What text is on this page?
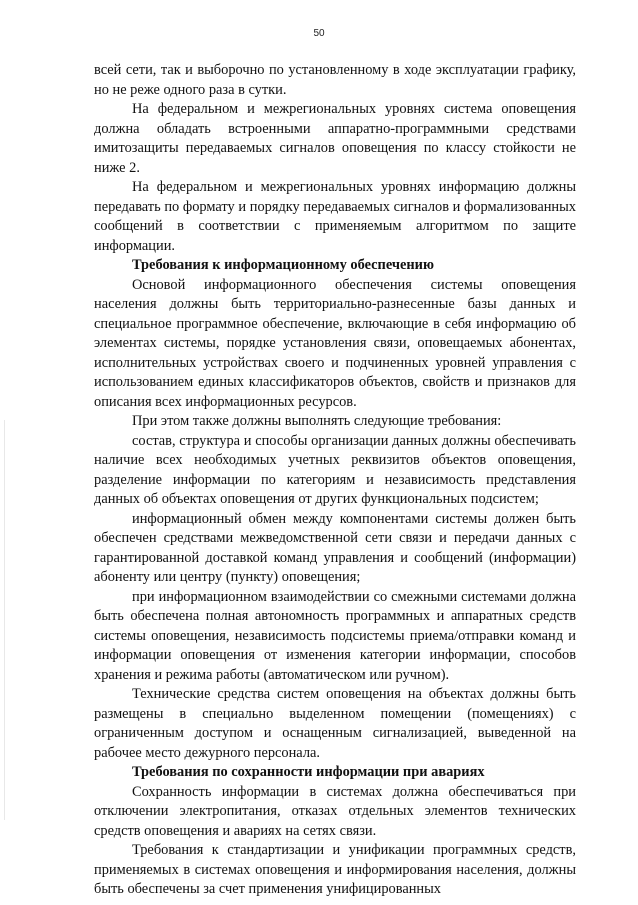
50

всей сети, так и выборочно по установленному в ходе эксплуатации графику, но не реже одного раза в сутки.

На федеральном и межрегиональных уровнях система оповещения должна обладать встроенными аппаратно-программными средствами имитозащиты передаваемых сигналов оповещения по классу стойкости не ниже 2.

На федеральном и межрегиональных уровнях информацию должны передавать по формату и порядку передаваемых сигналов и формализованных сообщений в соответствии с применяемым алгоритмом по защите информации.

Требования к информационному обеспечению

Основой информационного обеспечения системы оповещения населения должны быть территориально-разнесенные базы данных и специальное программное обеспечение, включающие в себя информацию об элементах системы, порядке установления связи, оповещаемых абонентах, исполнительных устройствах своего и подчиненных уровней управления с использованием единых классификаторов объектов, свойств и признаков для описания всех информационных ресурсов.

При этом также должны выполнять следующие требования:

состав, структура и способы организации данных должны обеспечивать наличие всех необходимых учетных реквизитов объектов оповещения, разделение информации по категориям и независимость представления данных об объектах оповещения от других функциональных подсистем;

информационный обмен между компонентами системы должен быть обеспечен средствами межведомственной сети связи и передачи данных с гарантированной доставкой команд управления и сообщений (информации) абоненту или центру (пункту) оповещения;

при информационном взаимодействии со смежными системами должна быть обеспечена полная автономность программных и аппаратных средств системы оповещения, независимость подсистемы приема/отправки команд и информации оповещения от изменения категории информации, способов хранения и режима работы (автоматическом или ручном).

Технические средства систем оповещения на объектах должны быть размещены в специально выделенном помещении (помещениях) с ограниченным доступом и оснащенным сигнализацией, выведенной на рабочее место дежурного персонала.

Требования по сохранности информации при авариях

Сохранность информации в системах должна обеспечиваться при отключении электропитания, отказах отдельных элементов технических средств оповещения и авариях на сетях связи.

Требования к стандартизации и унификации программных средств, применяемых в системах оповещения и информирования населения, должны быть обеспечены за счет применения унифицированных
